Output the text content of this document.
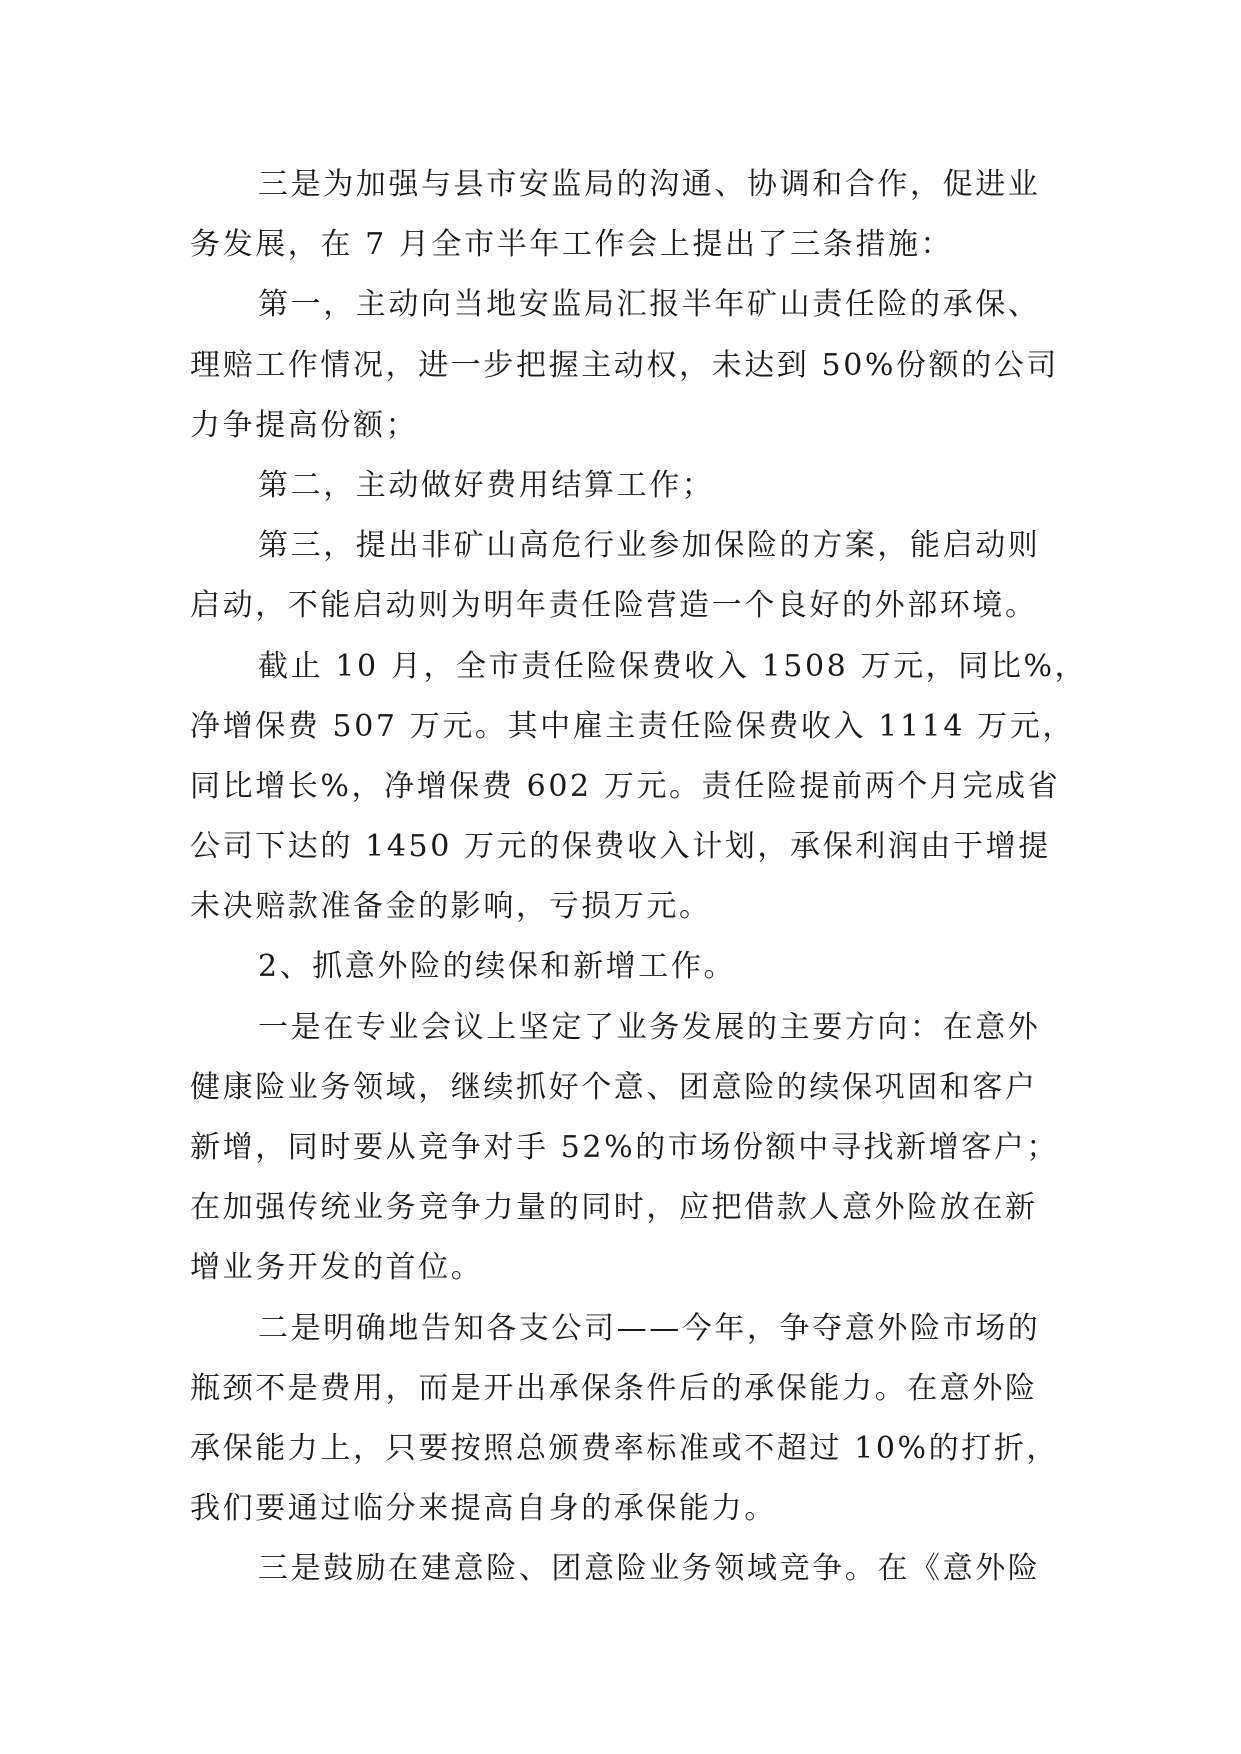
三是为加强与县市安监局的沟通、协调和合作，促进业
务发展，在 7 月全市半年工作会上提出了三条措施：
第一，主动向当地安监局汇报半年矿山责任险的承保、
理赔工作情况，进一步把握主动权，未达到 50%份额的公司
力争提高份额；
第二，主动做好费用结算工作；
第三，提出非矿山高危行业参加保险的方案，能启动则
启动，不能启动则为明年责任险营造一个良好的外部环境。
截止 10 月，全市责任险保费收入 1508 万元，同比%，
净增保费 507 万元。其中雇主责任险保费收入 1114 万元，
同比增长%，净增保费 602 万元。责任险提前两个月完成省
公司下达的 1450 万元的保费收入计划，承保利润由于增提
未决赔款准备金的影响，亏损万元。
2、抓意外险的续保和新增工作。
一是在专业会议上坚定了业务发展的主要方向：在意外
健康险业务领域，继续抓好个意、团意险的续保巩固和客户
新增，同时要从竞争对手 52%的市场份额中寻找新增客户；
在加强传统业务竞争力量的同时，应把借款人意外险放在新
增业务开发的首位。
二是明确地告知各支公司——今年，争夺意外险市场的
瓶颈不是费用，而是开出承保条件后的承保能力。在意外险
承保能力上，只要按照总颁费率标准或不超过 10%的打折，
我们要通过临分来提高自身的承保能力。
三是鼓励在建意险、团意险业务领域竞争。在《意外险
